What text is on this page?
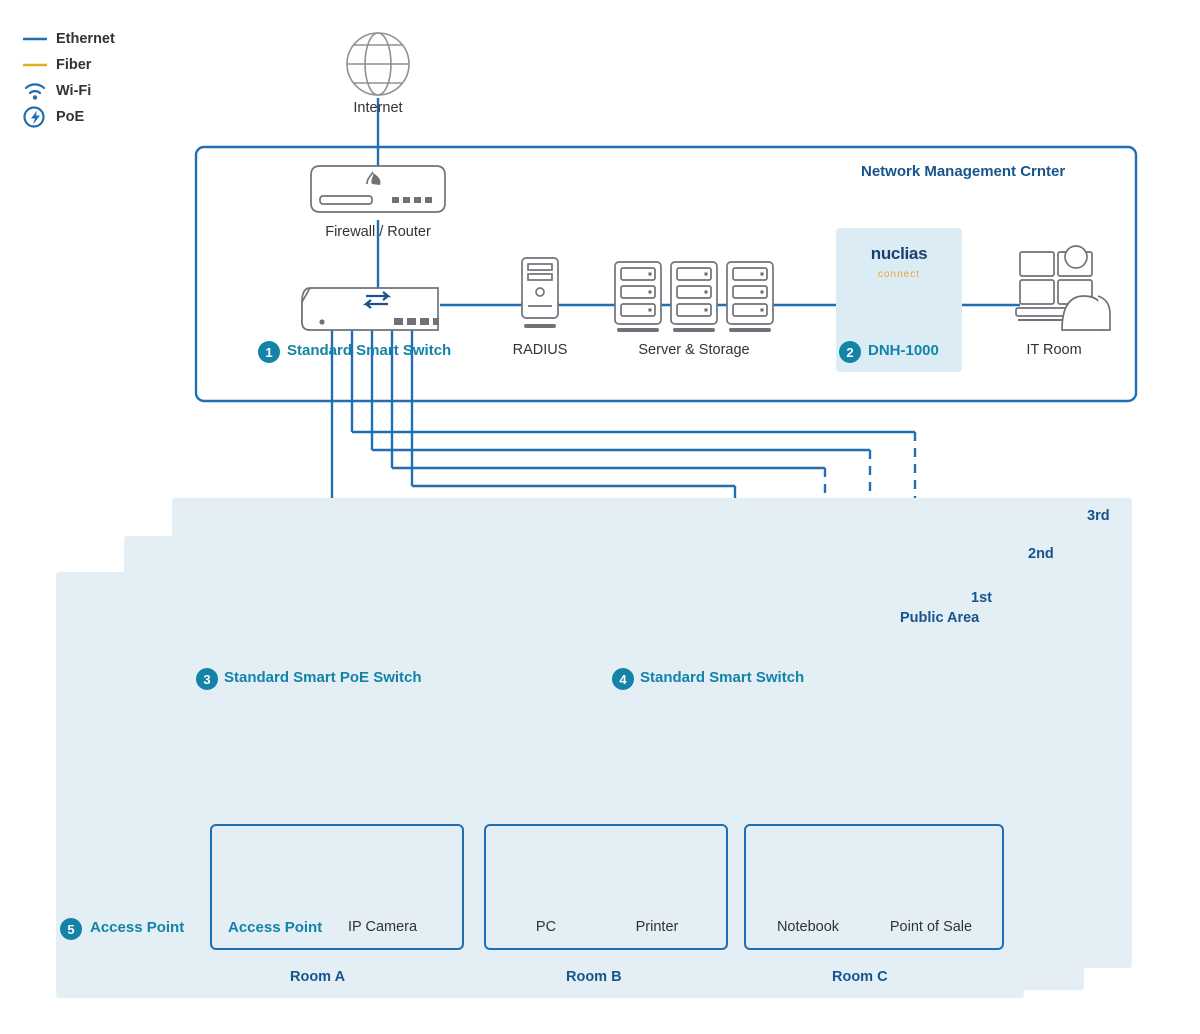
nuclias
connect
Ethernet
Fiber
Wi-Fi
PoE
Internet
Network Management Crnter
Firewall / Router
1 Standard Smart Switch	RADIUS	Server & Storage	2 DNH-1000	IT Room
3rd
2nd
1st
Public Area
3 Standard Smart PoE Switch	4 Standard Smart Switch
5	Access Point	Access Point IP Camera	PC	Printer	Notebook	Point of Sale
Room A	Room B	Room C
